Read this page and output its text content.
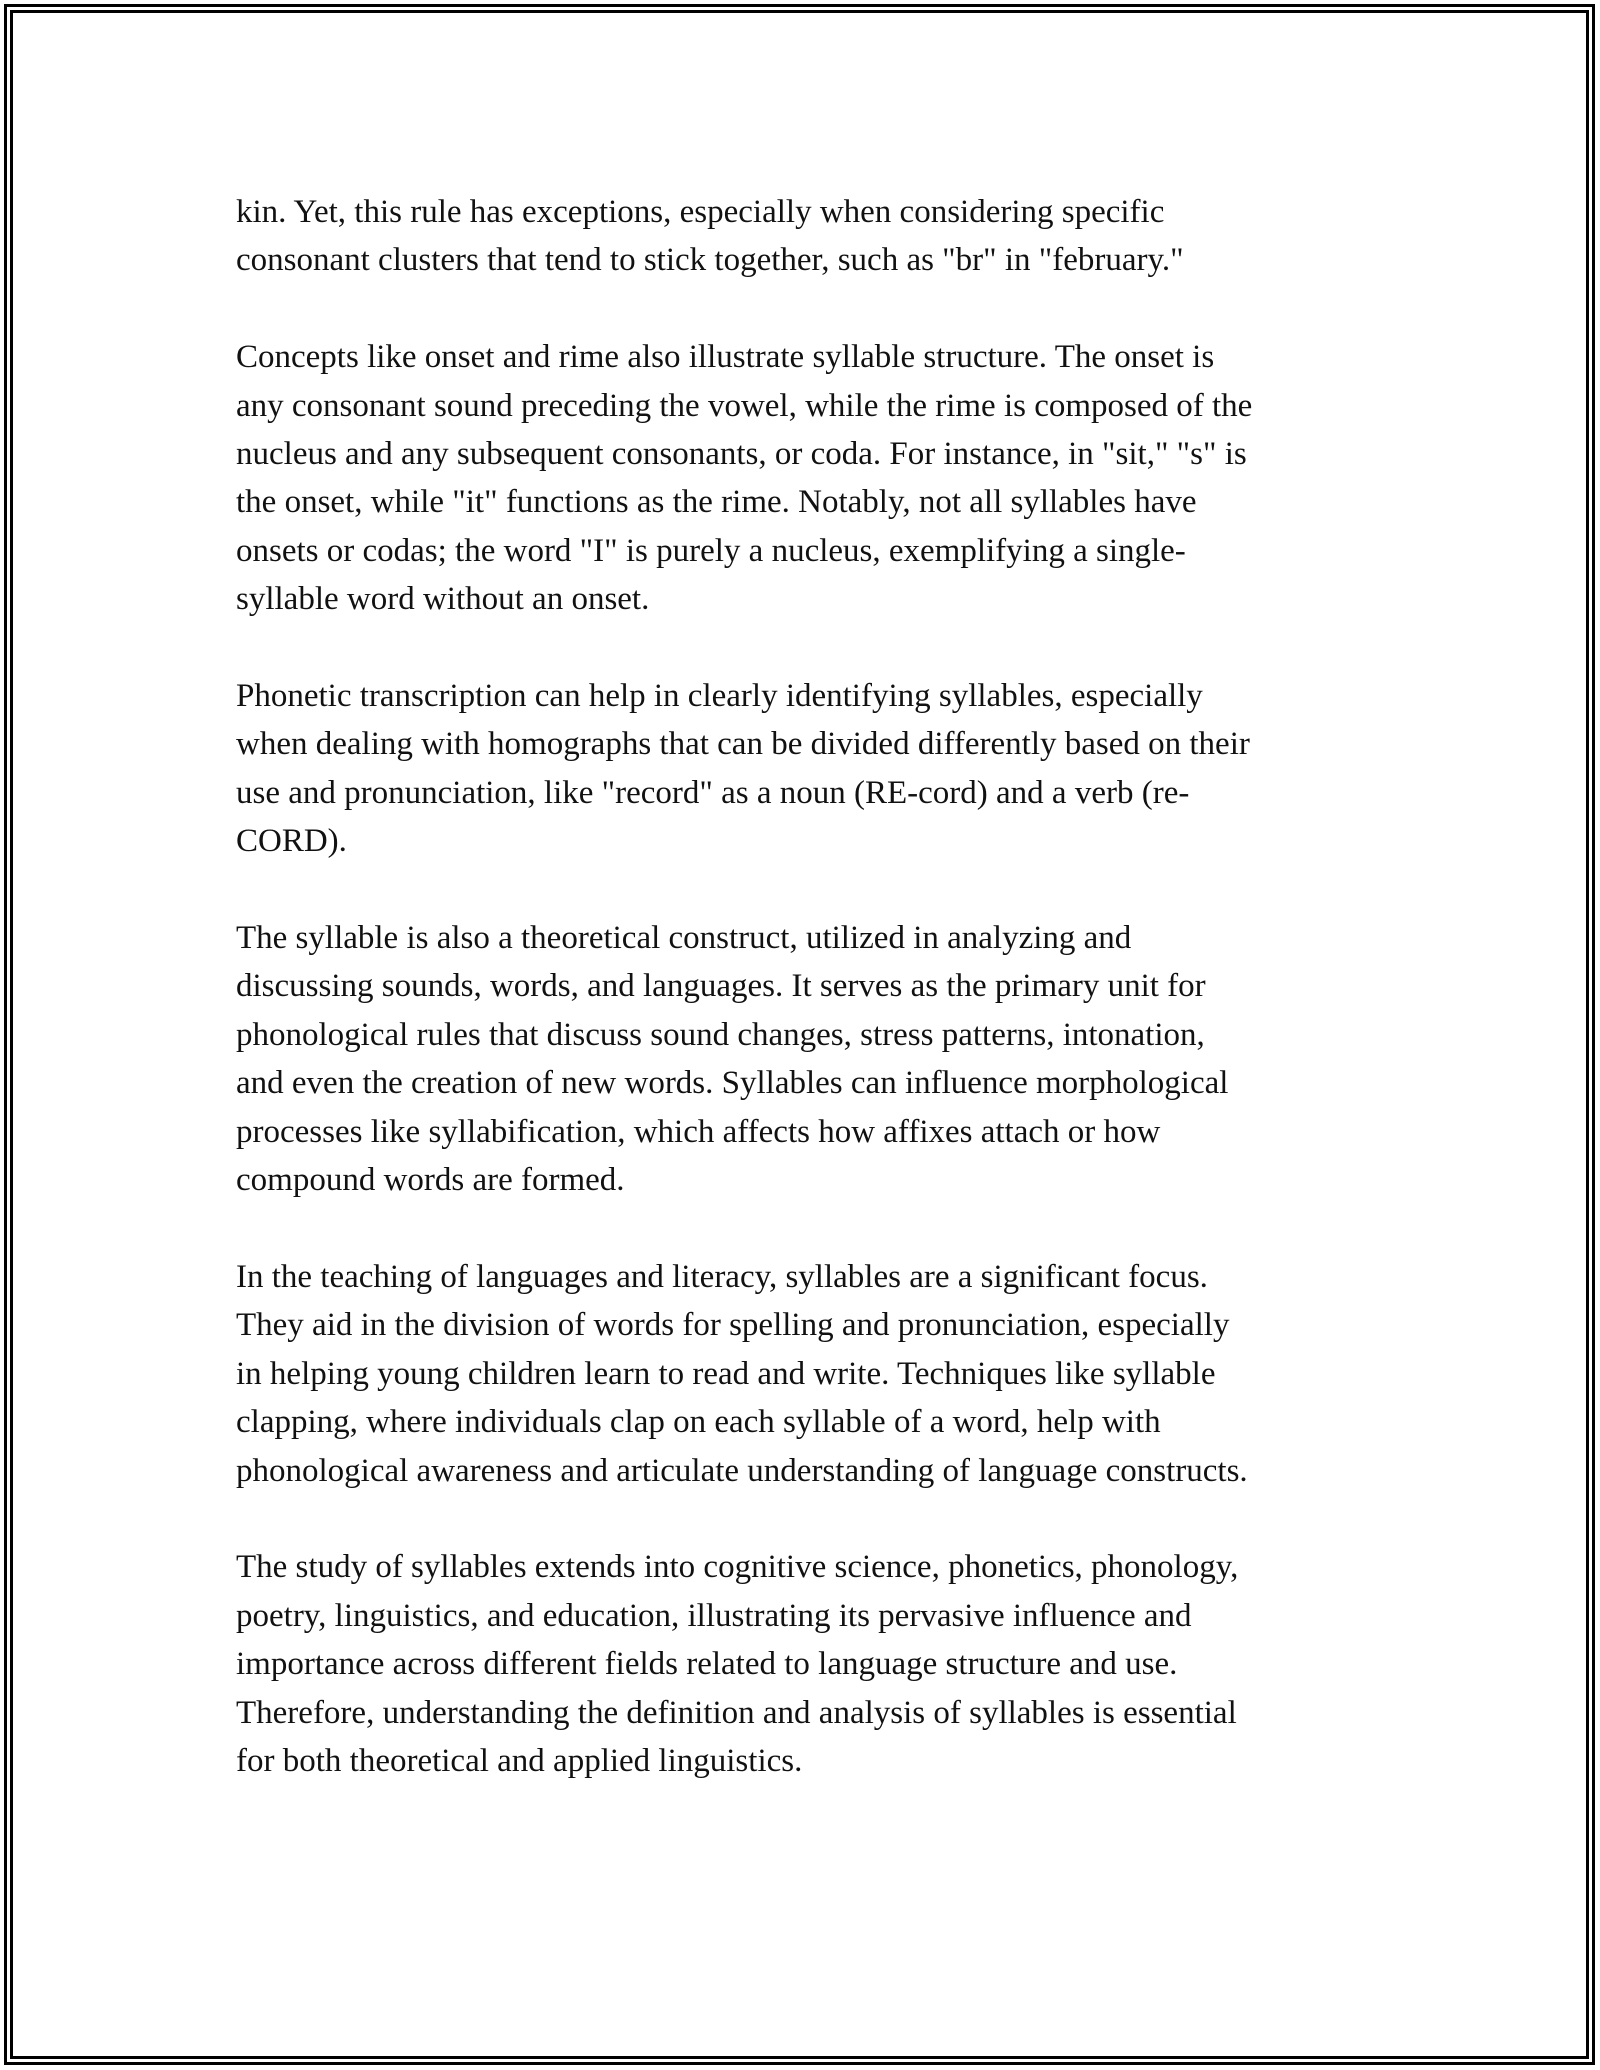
kin. Yet, this rule has exceptions, especially when considering specific
consonant clusters that tend to stick together, such as "br" in "february."

Concepts like onset and rime also illustrate syllable structure. The onset is
any consonant sound preceding the vowel, while the rime is composed of the
nucleus and any subsequent consonants, or coda. For instance, in "sit," "s" is
the onset, while "it" functions as the rime. Notably, not all syllables have
onsets or codas; the word "I" is purely a nucleus, exemplifying a single-
syllable word without an onset.

Phonetic transcription can help in clearly identifying syllables, especially
when dealing with homographs that can be divided differently based on their
use and pronunciation, like "record" as a noun (RE-cord) and a verb (re-
CORD).

The syllable is also a theoretical construct, utilized in analyzing and
discussing sounds, words, and languages. It serves as the primary unit for
phonological rules that discuss sound changes, stress patterns, intonation,
and even the creation of new words. Syllables can influence morphological
processes like syllabification, which affects how affixes attach or how
compound words are formed.

In the teaching of languages and literacy, syllables are a significant focus.
They aid in the division of words for spelling and pronunciation, especially
in helping young children learn to read and write. Techniques like syllable
clapping, where individuals clap on each syllable of a word, help with
phonological awareness and articulate understanding of language constructs.

The study of syllables extends into cognitive science, phonetics, phonology,
poetry, linguistics, and education, illustrating its pervasive influence and
importance across different fields related to language structure and use.
Therefore, understanding the definition and analysis of syllables is essential
for both theoretical and applied linguistics.
